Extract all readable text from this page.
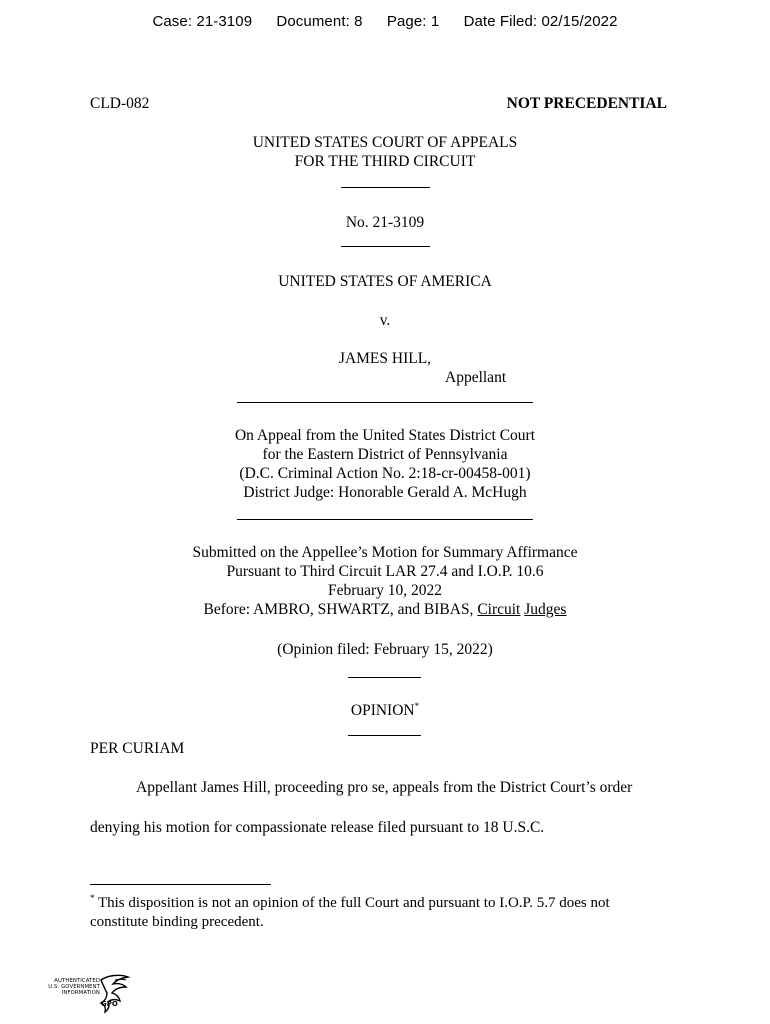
Case: 21-3109 Document: 8 Page: 1 Date Filed: 02/15/2022
CLD-082	NOT PRECEDENTIAL
UNITED STATES COURT OF APPEALS
FOR THE THIRD CIRCUIT
No. 21-3109
UNITED STATES OF AMERICA
v.
JAMES HILL,
Appellant
On Appeal from the United States District Court
for the Eastern District of Pennsylvania
(D.C. Criminal Action No. 2:18-cr-00458-001)
District Judge: Honorable Gerald A. McHugh
Submitted on the Appellee’s Motion for Summary Affirmance
Pursuant to Third Circuit LAR 27.4 and I.O.P. 10.6
February 10, 2022
Before: AMBRO, SHWARTZ, and BIBAS, Circuit Judges
(Opinion filed: February 15, 2022)
OPINION*
PER CURIAM
Appellant James Hill, proceeding pro se, appeals from the District Court’s order
denying his motion for compassionate release filed pursuant to 18 U.S.C.
* This disposition is not an opinion of the full Court and pursuant to I.O.P. 5.7 does not
constitute binding precedent.
AUTHENTICATED
U.S. GOVERNMENT
INFORMATION
GPO
